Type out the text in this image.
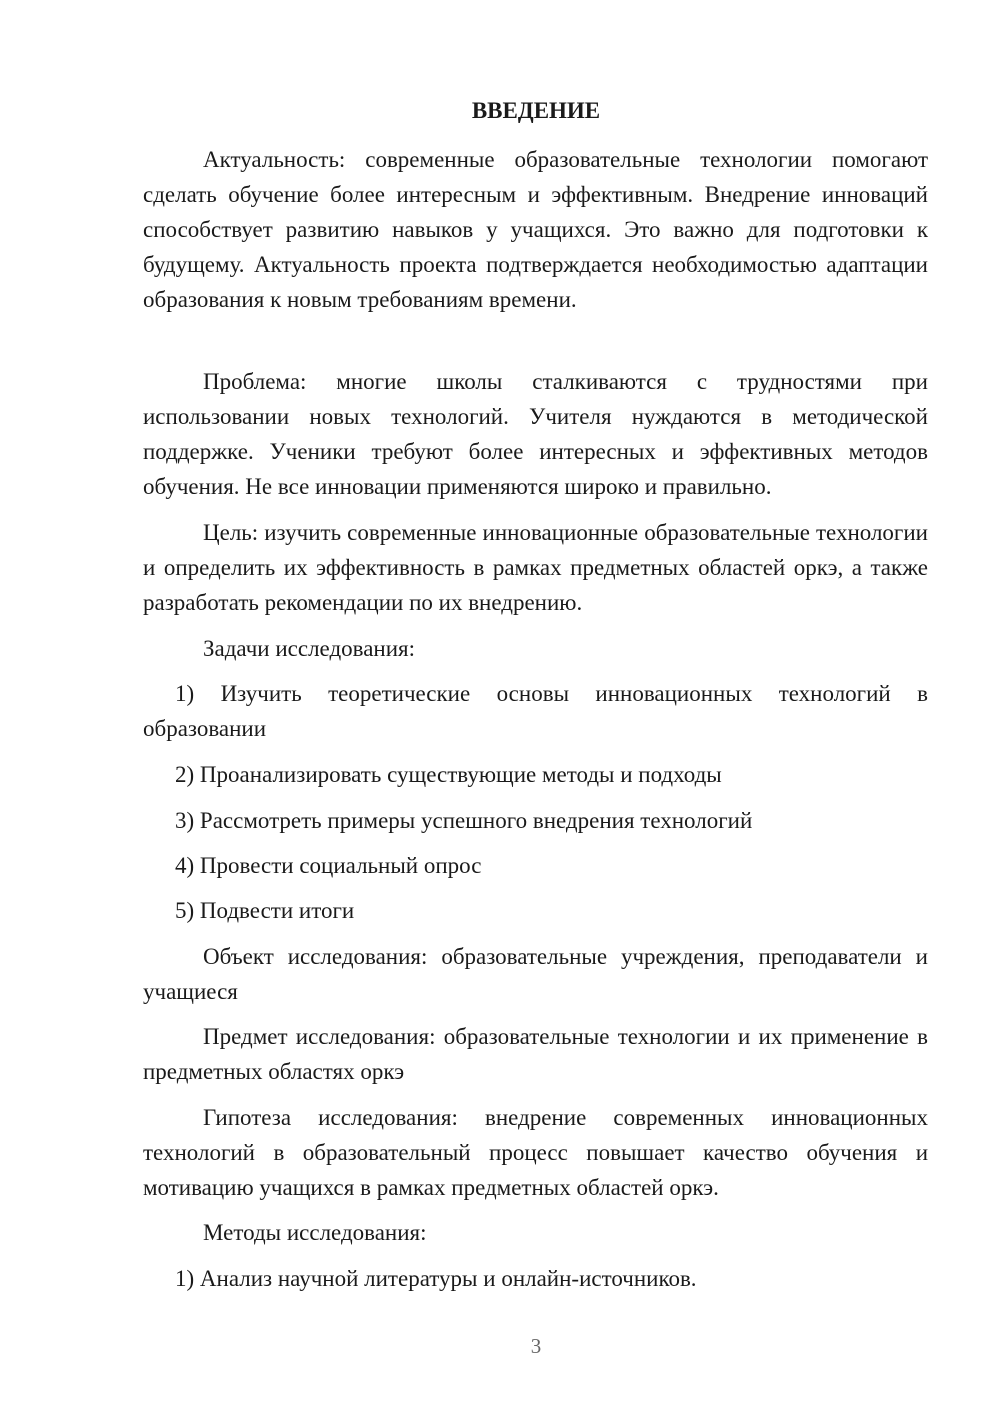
ВВЕДЕНИЕ

Актуальность: современные образовательные технологии помогают сделать обучение более интересным и эффективным. Внедрение инноваций способствует развитию навыков у учащихся. Это важно для подготовки к будущему. Актуальность проекта подтверждается необходимостью адаптации образования к новым требованиям времени.

Проблема: многие школы сталкиваются с трудностями при использовании новых технологий. Учителя нуждаются в методической поддержке. Ученики требуют более интересных и эффективных методов обучения. Не все инновации применяются широко и правильно.

Цель: изучить современные инновационные образовательные технологии и определить их эффективность в рамках предметных областей оркэ, а также разработать рекомендации по их внедрению.

Задачи исследования:

1) Изучить теоретические основы инновационных технологий в образовании

2) Проанализировать существующие методы и подходы

3) Рассмотреть примеры успешного внедрения технологий

4) Провести социальный опрос

5) Подвести итоги

Объект исследования: образовательные учреждения, преподаватели и учащиеся

Предмет исследования: образовательные технологии и их применение в предметных областях оркэ

Гипотеза исследования: внедрение современных инновационных технологий в образовательный процесс повышает качество обучения и мотивацию учащихся в рамках предметных областей оркэ.

Методы исследования:

1) Анализ научной литературы и онлайн-источников.

3
